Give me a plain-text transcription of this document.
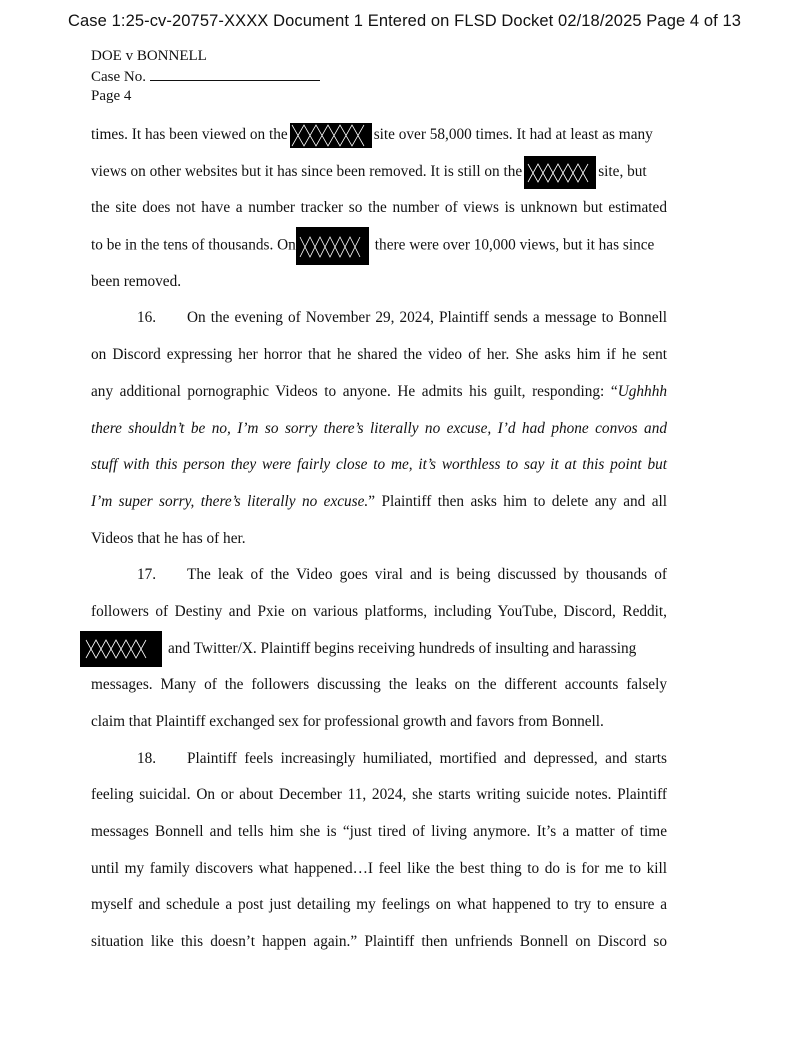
Case 1:25-cv-20757-XXXX Document 1 Entered on FLSD Docket 02/18/2025 Page 4 of 13
DOE v BONNELL
Case No.
Page 4
times. It has been viewed on the	site over 58,000 times. It had at least as many
views on other websites but it has since been removed. It is still on the	site, but
the site does not have a number tracker so the number of views is unknown but estimated
to be in the tens of thousands. On	there were over 10,000 views, but it has since
been removed.
16. On the evening of November 29, 2024, Plaintiff sends a message to Bonnell
on Discord expressing her horror that he shared the video of her. She asks him if he sent
any additional pornographic Videos to anyone. He admits his guilt, responding: “Ughhhh
there shouldn’t be no, I’m so sorry there’s literally no excuse, I’d had phone convos and
stuff with this person they were fairly close to me, it’s worthless to say it at this point but
I’m super sorry, there’s literally no excuse.” Plaintiff then asks him to delete any and all
Videos that he has of her.
17. The leak of the Video goes viral and is being discussed by thousands of
followers of Destiny and Pxie on various platforms, including YouTube, Discord, Reddit,
and Twitter/X. Plaintiff begins receiving hundreds of insulting and harassing
messages. Many of the followers discussing the leaks on the different accounts falsely
claim that Plaintiff exchanged sex for professional growth and favors from Bonnell.
18. Plaintiff feels increasingly humiliated, mortified and depressed, and starts
feeling suicidal. On or about December 11, 2024, she starts writing suicide notes. Plaintiff
messages Bonnell and tells him she is “just tired of living anymore. It’s a matter of time
until my family discovers what happened…I feel like the best thing to do is for me to kill
myself and schedule a post just detailing my feelings on what happened to try to ensure a
situation like this doesn’t happen again.” Plaintiff then unfriends Bonnell on Discord so
